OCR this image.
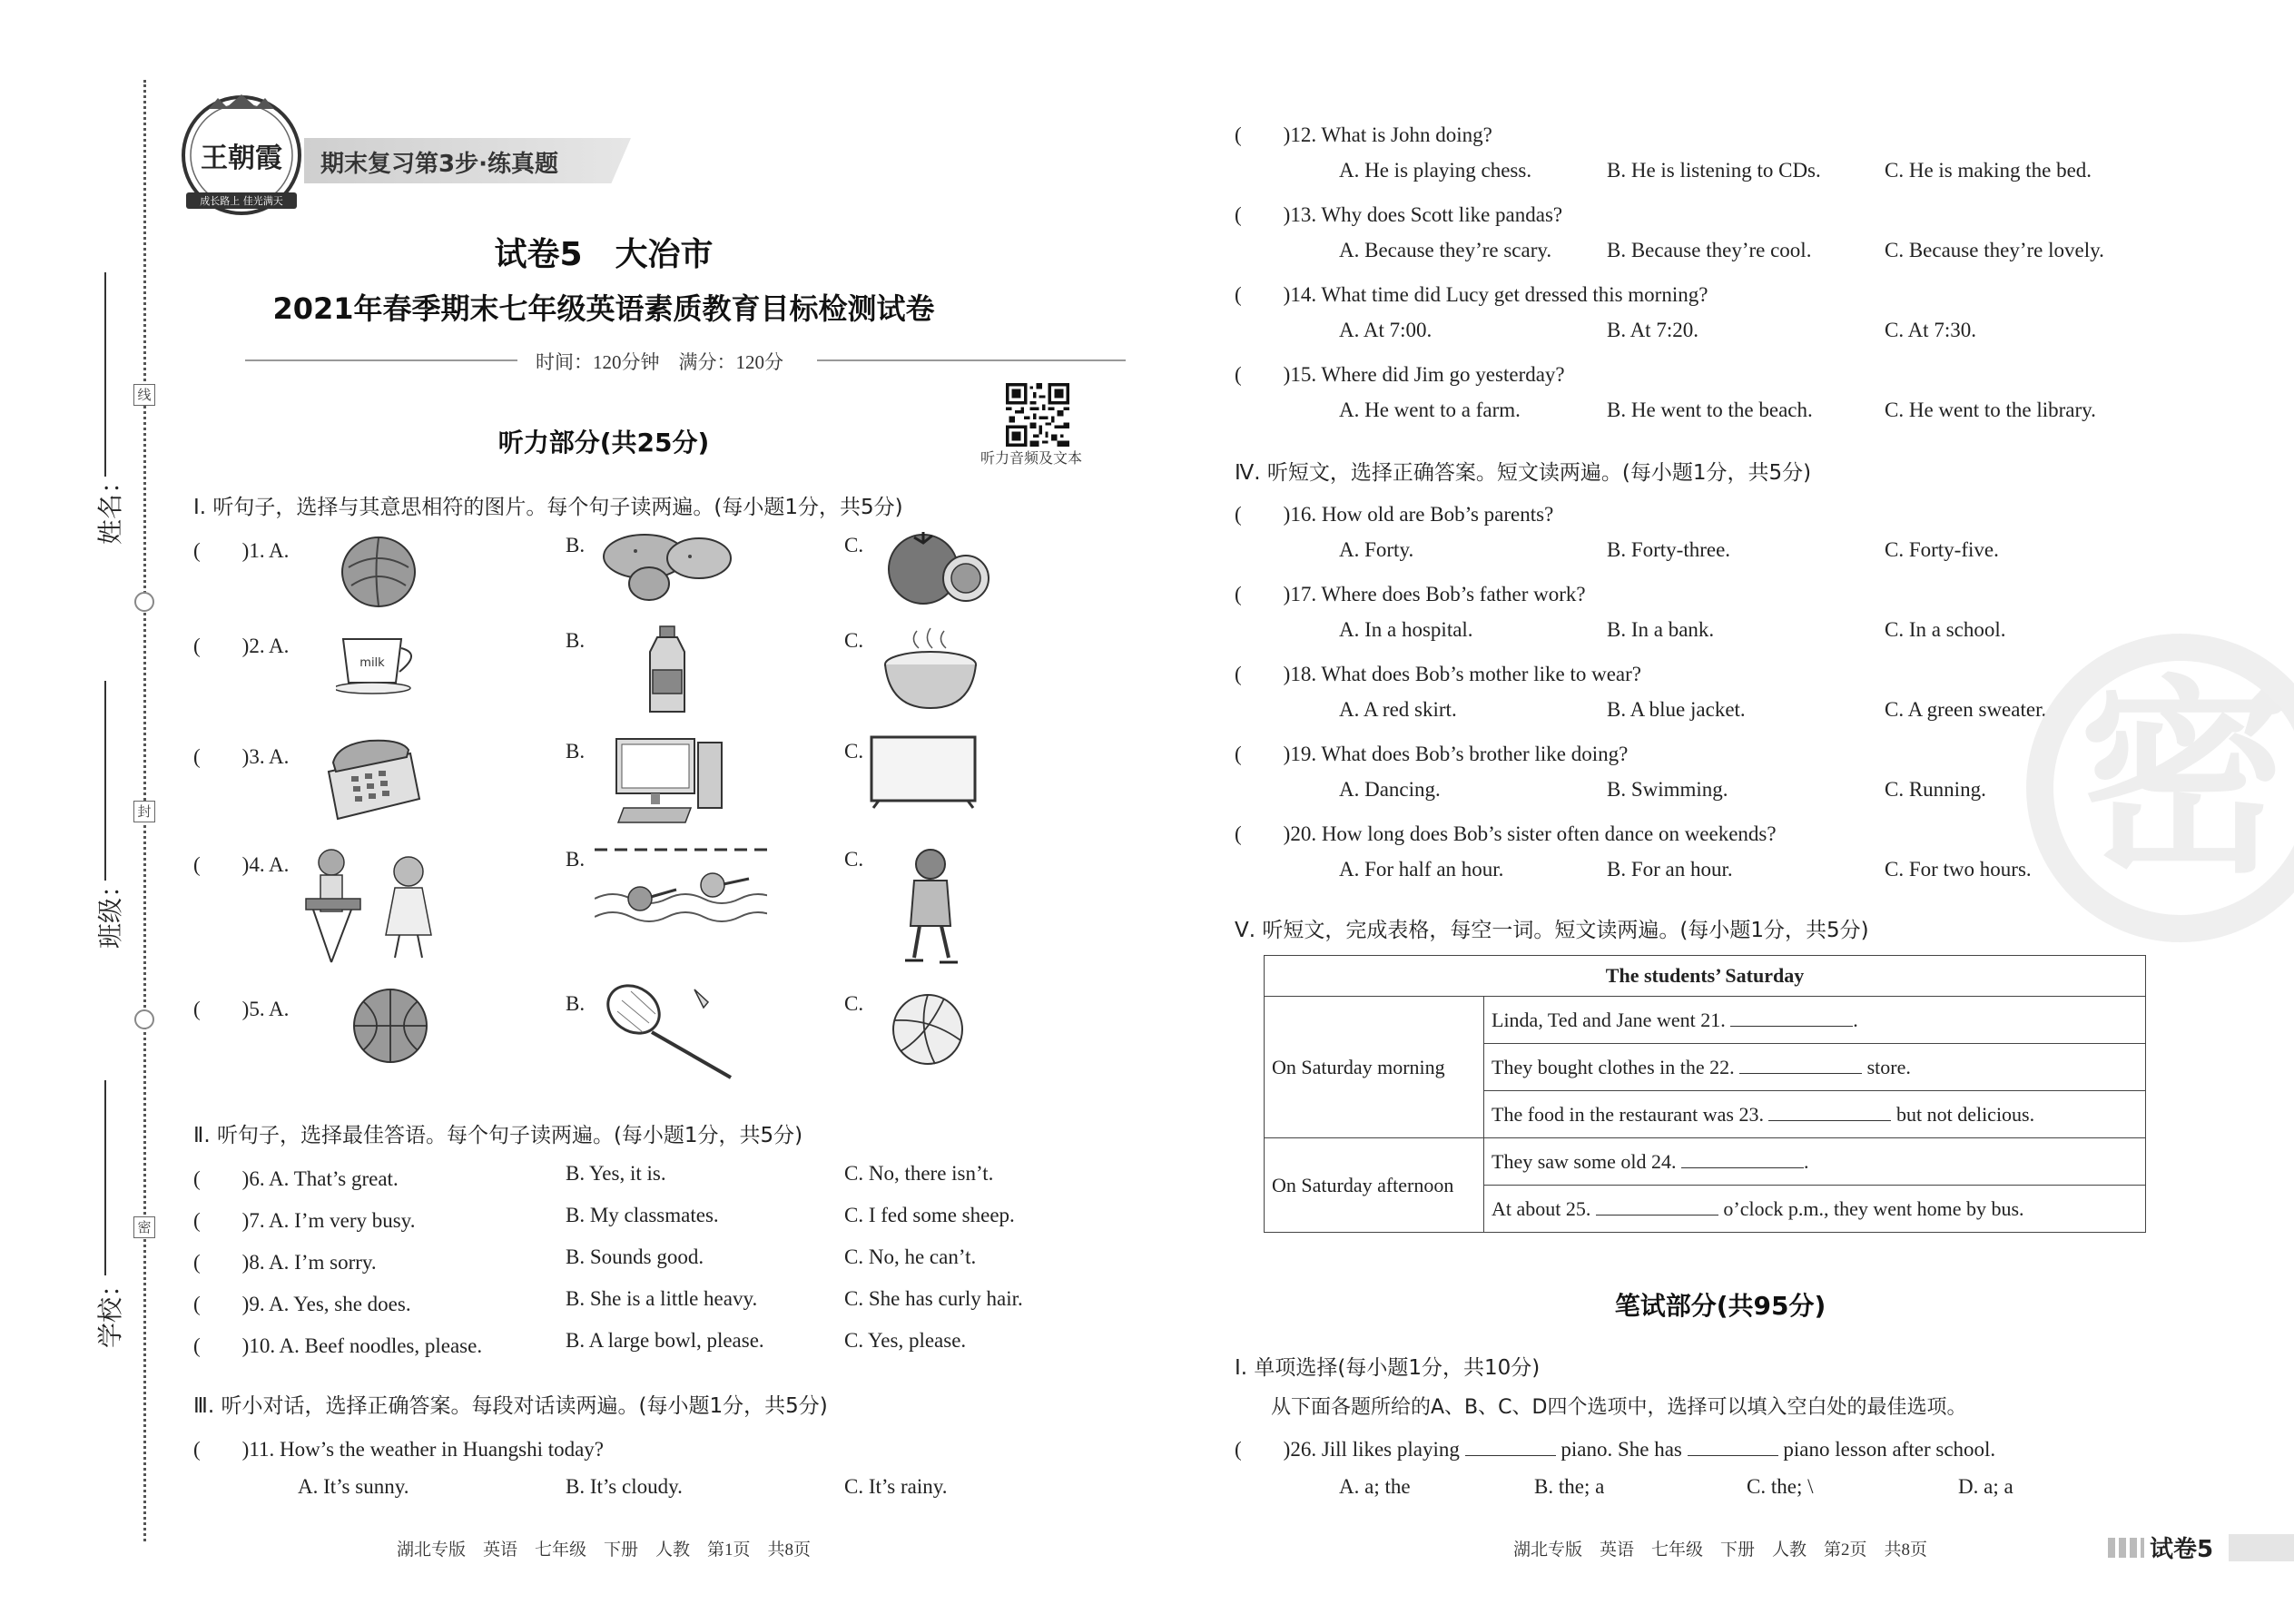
线
封
密
姓名：
班级：
学校：
王朝霞
成长路上 佳光满天
期末复习第3步·练真题
试卷5　大冶市
2021年春季期末七年级英语素质教育目标检测试卷
时间：120分钟　满分：120分
听力音频及文本
听力部分(共25分)
Ⅰ. 听句子，选择与其意思相符的图片。每个句子读两遍。(每小题1分，共5分)
(　　)1. A.	B.	C.
(　　)2. A.	B.	C.
milk
(　　)3. A.	B.	C.
(　　)4. A.	B.	C.
(　　)5. A.	B.	C.
Ⅱ. 听句子，选择最佳答语。每个句子读两遍。(每小题1分，共5分)
(　　)6. A. That’s great.	B. Yes, it is.	C. No, there isn’t.
(　　)7. A. I’m very busy.	B. My classmates.	C. I fed some sheep.
(　　)8. A. I’m sorry.	B. Sounds good.	C. No, he can’t.
(　　)9. A. Yes, she does.	B. She is a little heavy.	C. She has curly hair.
(　　)10. A. Beef noodles, please.	B. A large bowl, please.	C. Yes, please.
Ⅲ. 听小对话，选择正确答案。每段对话读两遍。(每小题1分，共5分)
(　　)11. How’s the weather in Huangshi today?
A. It’s sunny.	B. It’s cloudy.	C. It’s rainy.
湖北专版　英语　七年级　下册　人教　第1页　共8页
(　　)12. What is John doing?
A. He is playing chess.	B. He is listening to CDs.	C. He is making the bed.
(　　)13. Why does Scott like pandas?
A. Because they’re scary.	B. Because they’re cool.	C. Because they’re lovely.
(　　)14. What time did Lucy get dressed this morning?
A. At 7:00.	B. At 7:20.	C. At 7:30.
(　　)15. Where did Jim go yesterday?
A. He went to a farm.	B. He went to the beach.	C. He went to the library.
Ⅳ. 听短文，选择正确答案。短文读两遍。(每小题1分，共5分)
(　　)16. How old are Bob’s parents?
A. Forty.	B. Forty-three.	C. Forty-five.
(　　)17. Where does Bob’s father work?
A. In a hospital.	B. In a bank.	C. In a school.
(　　)18. What does Bob’s mother like to wear?
A. A red skirt.	B. A blue jacket.	C. A green sweater.
(　　)19. What does Bob’s brother like doing?
A. Dancing.	B. Swimming.	C. Running.
(　　)20. How long does Bob’s sister often dance on weekends?
A. For half an hour.	B. For an hour.	C. For two hours.
Ⅴ. 听短文，完成表格，每空一词。短文读两遍。(每小题1分，共5分)
The students’ Saturday	
On Saturday morning	Linda, Ted and Jane went 21. .
	They bought clothes in the 22. store.
	The food in the restaurant was 23. but not delicious.
On Saturday afternoon	They saw some old 24. .
	At about 25. o’clock p.m., they went home by bus.
笔试部分(共95分)
Ⅰ. 单项选择(每小题1分，共10分)
从下面各题所给的A、B、C、D四个选项中，选择可以填入空白处的最佳选项。
(　　)26. Jill likes playing	piano. She has	piano lesson after school.
A. a; the	B. the; a	C. the; \	D. a; a
密
湖北专版　英语　七年级　下册　人教　第2页　共8页	试卷5
